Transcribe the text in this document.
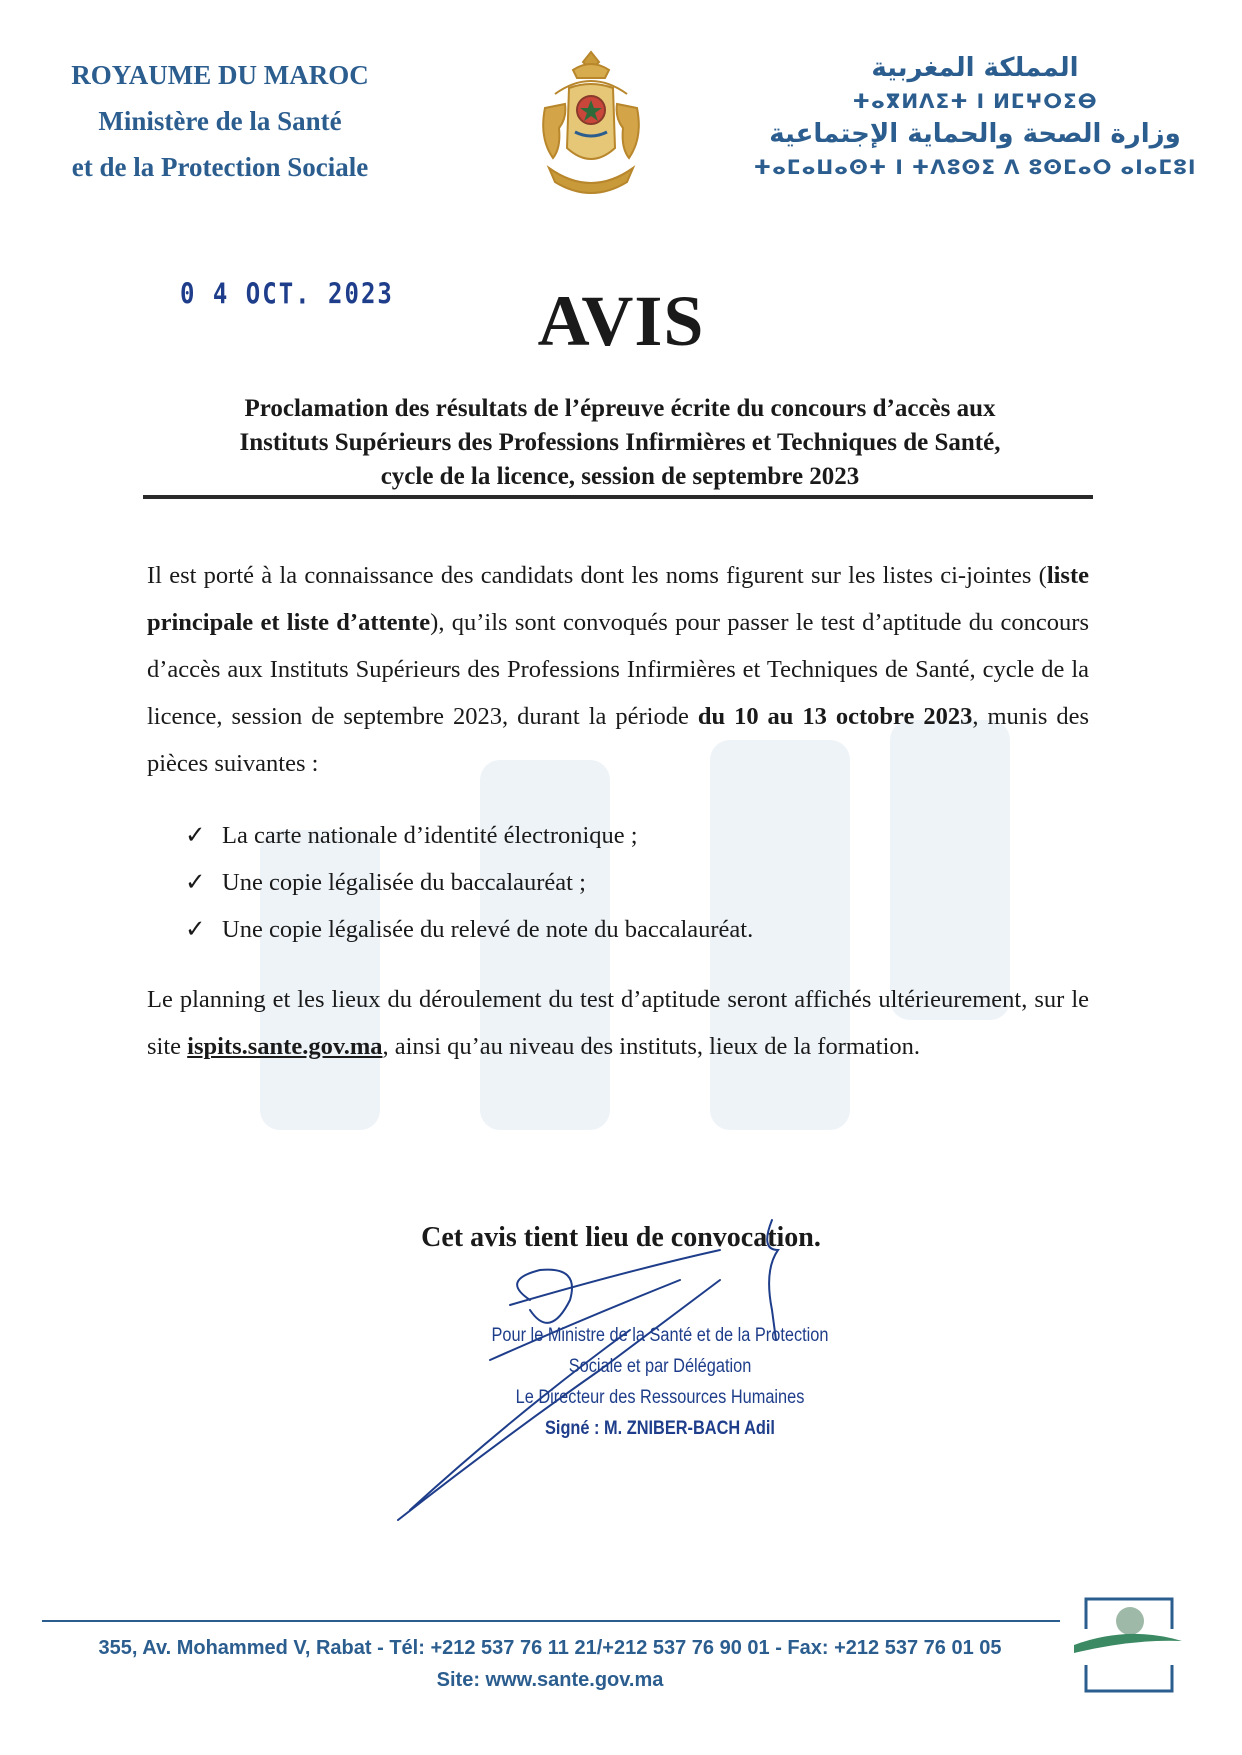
ROYAUME DU MAROC
Ministère de la Santé
et de la Protection Sociale
المملكة المغربية
ⵜⴰⴳⵍⴷⵉⵜ ⵏ ⵍⵎⵖⵔⵉⴱ
وزارة الصحة والحماية الإجتماعية
ⵜⴰⵎⴰⵡⴰⵙⵜ ⵏ ⵜⴷⵓⵙⵉ ⴷ ⵓⵙⵎⴰⵔ ⴰⵏⴰⵎⵓⵏ
0 4 OCT. 2023	AVIS
Proclamation des résultats de l’épreuve écrite du concours d’accès aux
Instituts Supérieurs des Professions Infirmières et Techniques de Santé,
cycle de la licence, session de septembre 2023

Il est porté à la connaissance des candidats dont les noms figurent sur les listes ci-jointes (liste principale et liste d’attente), qu’ils sont convoqués pour passer le test d’aptitude du concours d’accès aux Instituts Supérieurs des Professions Infirmières et Techniques de Santé, cycle de la licence, session de septembre 2023, durant la période du 10 au 13 octobre 2023, munis des pièces suivantes :

✓ La carte nationale d’identité électronique ;
✓ Une copie légalisée du baccalauréat ;
✓ Une copie légalisée du relevé de note du baccalauréat.

Le planning et les lieux du déroulement du test d’aptitude seront affichés ultérieurement, sur le site ispits.sante.gov.ma, ainsi qu’au niveau des instituts, lieux de la formation.

Cet avis tient lieu de convocation.
Pour le Ministre de la Santé et de la Protection
Sociale et par Délégation
Le Directeur des Ressources Humaines
Signé : M. ZNIBER-BACH Adil
355, Av. Mohammed V, Rabat - Tél: +212 537 76 11 21/+212 537 76 90 01 - Fax: +212 537 76 01 05
Site: www.sante.gov.ma
